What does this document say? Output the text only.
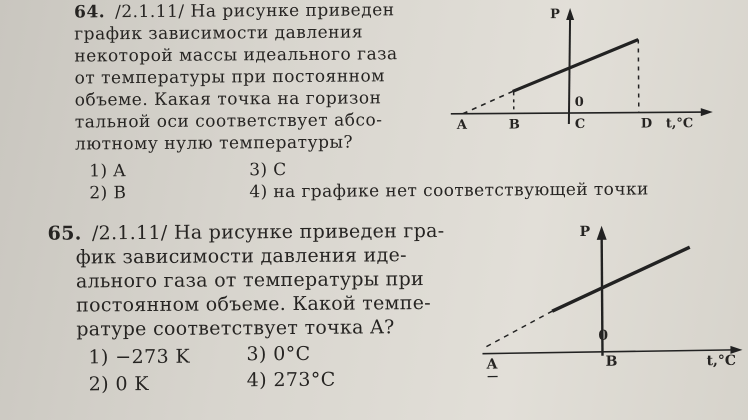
64. /2.1.11/ На рисунке приведен
график зависимости давления
некоторой массы идеального газа
от температуры при постоянном
объеме. Какая точка на горизон
тальной оси соответствует абсо-
лютному нулю температуры?
1) A	3) C
2) B	4) на графике нет соответствующей точки
P
0
A	B	C	D t,°C
65. /2.1.11/ На рисунке приведен гра-
фик зависимости давления иде-
ального газа от температуры при
постоянном объеме. Какой темпе-
ратуре соответствует точка A?
1) −273 K	3) 0°C
2) 0 K	4) 273°C
P
0
A	B	t,°C
